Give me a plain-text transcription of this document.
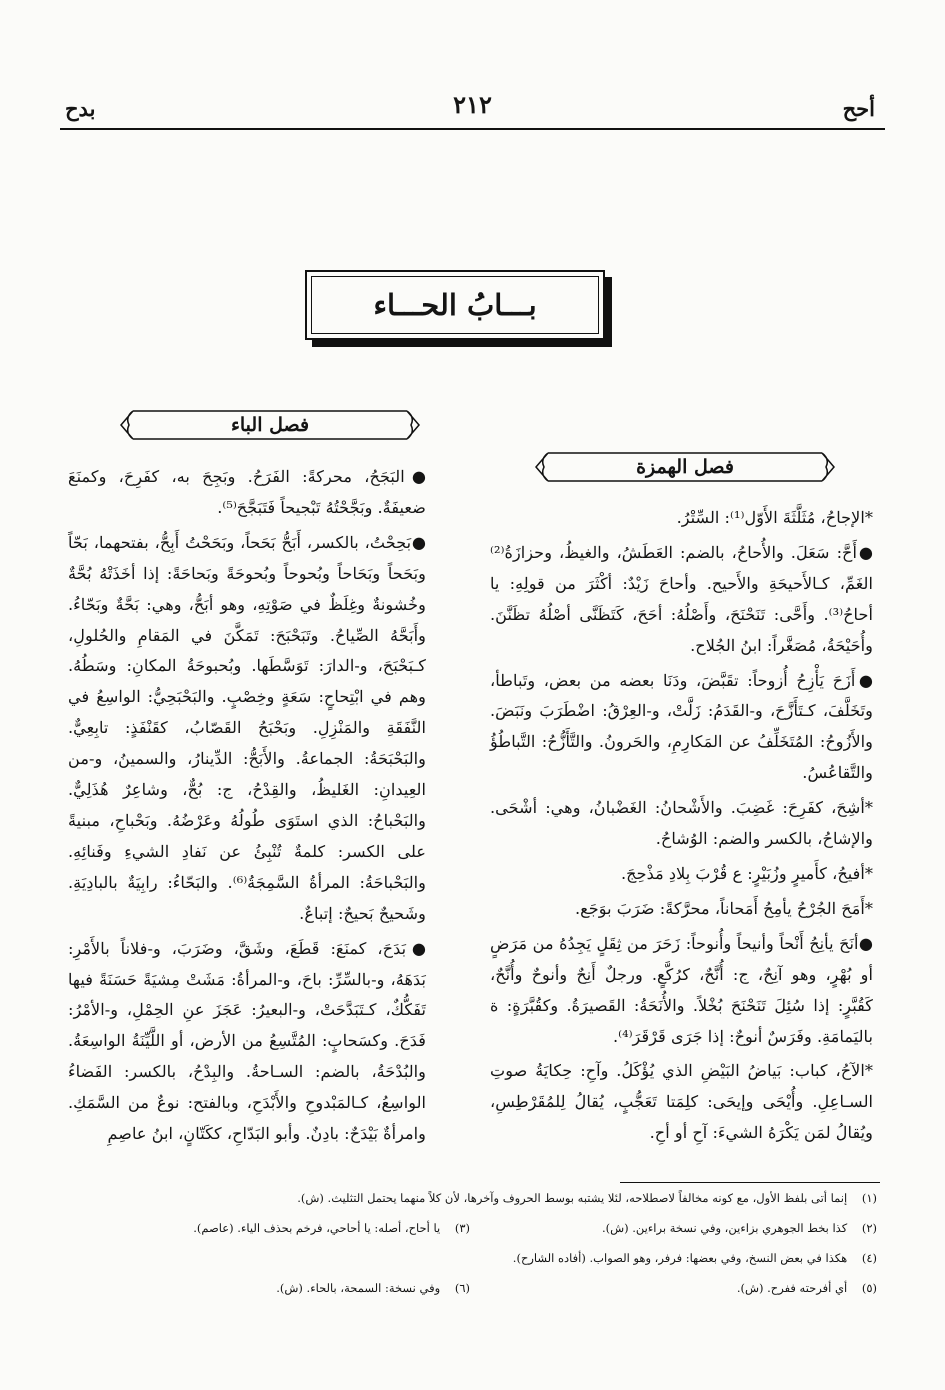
أحح
٢١٢
بدح
بـــابُ الحـــاء
فصل الباء
فصل الهمزة

*الإجاحُ، مُثَلَّثَةَ الأَوّل⁽¹⁾: السِّتْرُ.

●أَحَّ: سَعَلَ. والأُحاحُ، بالضم: العَطَشُ، والغيظُ، وحزازَةُ⁽²⁾ الغَمِّ، كـالأَحيحَةِ والأَحيح. وأحاحَ زَيْدٌ: أكْثَرَ من قولِهِ: يا أحاحُ⁽³⁾. وأَحَّى: تَنَحْنَحَ، وأَصْلُهُ: أحَحَ، كَتَظَنَّى أصْلُهُ تظَنَّنَ. وأُحَيْحَةُ، مُصَغَّراً: ابنُ الجُلاح.

●أَزَحَ يَأْزِحُ أُزوحاً: تقَبَّضَ، ودَنَا بعضه من بعض، وتَباطأ، وتَخَلَّفَ، كـتَأَزَّحَ، و-القَدَمُ: زَلَّتْ، و-العِرْقُ: اضْطَرَبَ ونَبَضَ. والأَزُوحُ: المُتَخَلِّفُ عن المَكارِمِ، والحَرونُ. والتَّأَزُّحُ: التَّباطُؤُ والتَّقاعُسُ.

*أشِحَ، كفَرِحَ: غَضِبَ. والأَشْحانُ: الغَضْبانُ، وهي: أشْحَى. والإشاحُ، بالكسر والضم: الوُشاحُ.

*أفيحُ، كأَميرٍ وزُبَيْرٍ: ع قُرْبَ بِلادِ مَذْحِجَ.

*أَمَحَ الجُرْحُ يأمِحُ أَمَحاناً، محرَّكةً: ضَرَبَ بوَجَع.

●أنَحَ يأنِحُ أَنْحاً وأنيحاً وأُنوحاً: زَحَرَ من ثِقَلٍ يَجِدُهُ من مَرَضٍ أو بُهْرٍ، وهو آنِحٌ، ج: أُنَّحٌ، كرُكَّعٍ. ورجلٌ أَنِحٌ وأنوحٌ وأُنَّحٌ، كَقُبَّرٍ: إذا سُئِلَ تَنَحْنَحَ بُخْلاً. والأُنَحَةُ: القَصيرَةُ. وكقُبَّرَةٍ: ة باليَمامَةِ. وفَرَسٌ أنوحٌ: إذا جَرَى قَرْقَرَ⁽⁴⁾.

*الآحُ، كباب: بَياضُ البَيْضِ الذي يُؤْكَلُ. وآحِ: حِكايَةُ صوتِ السـاعِلِ. وأُيْحَى وإيحَى: كلِمَتا تَعَجُّبٍ، يُقالُ لِلمُقَرْطِسِ، ويُقالُ لمَن يَكْرَهُ الشيءَ: آحِ أو أحِ.

●البَجَحُ، محركةً: الفَرَحُ. وبَجِحَ به، كفَرِحَ، وكمنَعَ ضعيفَةٌ. وبَجَّحْتُهُ تَبْجيحاً فَتَبَجَّحَ⁽⁵⁾.

●بَحِحْتُ، بالكسر، أَبَحُّ بَحَحاً، وبَحَحْتُ أَبِحُّ، بفتحهما، بَحّاً وبَحَحاً وبَحَاحاً وبُحوحاً وبُحوحَةً وبَحاحَةً: إذا أخَذَتْهُ بُحَّةٌ وخُشونةٌ وغِلَظٌ في صَوْتِهِ، وهو أبَحُّ، وهي: بَحَّةٌ وبَحّاءُ. وأَبَحَّهُ الصِّياحُ. وتَبَحْبَحَ: تَمَكَّنَ في المَقامِ والحُلولِ، كـبَحْبَحَ، و-الدارَ: تَوَسَّطَها. وبُحبوحَةُ المكانِ: وسَطُهُ. وهم في ابْتِحاحٍ: سَعَةٍ وخِصْبٍ. والبَحْبَحِيُّ: الواسِعُ في النَّفَقَةِ والمَنْزِلِ. وبَحْبَحُ القَصّابُ، كقَنْفَذٍ: تابِعِيٌّ. والبَحْبَحَةُ: الجماعةُ. والأَبَحُّ: الدِّينارُ، والسمينُ، و-من العِيدانِ: الغَليظُ، والقِدْحُ، ج: بُحٌّ، وشاعِرٌ هُذَلِيٌّ. والبَحْباحُ: الذي استَوَى طُولُهُ وعَرْضُهُ. وبَحْباحِ، مبنيةً على الكسر: كلمةٌ تُنْبِئُ عن نَفادِ الشيءِ وفَنائِهِ. والبَحْباحَةُ: المرأةُ السَّمِجَةُ⁽⁶⁾. والبَحّاءُ: رابِيَةٌ بالبادِيَةِ. وشَحيحٌ بَحيحٌ: إتباعٌ.

●بَدَحَ، كمنَعَ: قَطَعَ، وشَقَّ، وضَرَبَ، و-فلاناً بالأَمْرِ: بَدَهَهُ، و-بالسِّرِّ: باحَ، و-المرأةُ: مَشَتْ مِشيَةً حَسَنَةً فيها تَفَكُّكٌ، كـتَبَدَّحَتْ، و-البعيرُ: عَجَزَ عنِ الحِمْلِ، و-الأمْرُ: فَدَحَ. وكسَحابٍ: المُتَّسِعُ من الأرض، أو اللَّيِّنَةُ الواسِعَةُ. والبُدْحَةُ، بالضم: السـاحةُ. والبِدْحُ، بالكسر: الفَضاءُ الواسِعُ، كـالمَبْدوحِ والأَبْدَحِ، وبالفتح: نوعٌ من السَّمَكِ. وامرأةٌ بَيْدَحٌ: بادِنٌ. وأبو البَدّاحِ، ككَتّانٍ، ابنُ عاصِمِ

(١)    إنما أتى بلفظ الأول، مع كونه مخالفاً لاصطلاحه، لئلا يشتبه بوسط الحروف وآخرها، لأن كلاً منهما يحتمل التثليث. (ش).
(٢)    كذا بخط الجوهري بزاءين، وفي نسخة براءين. (ش).
(٣)    يا أحاح، أصله: يا أحاحي، فرخم بحذف الياء. (عاصم).
(٤)    هكذا في بعض النسخ، وفي بعضها: فرفر، وهو الصواب. (أفاده الشارح).
(٥)    أي أفرحته ففرح. (ش).
(٦)    وفي نسخة: السمحة، بالحاء. (ش).
